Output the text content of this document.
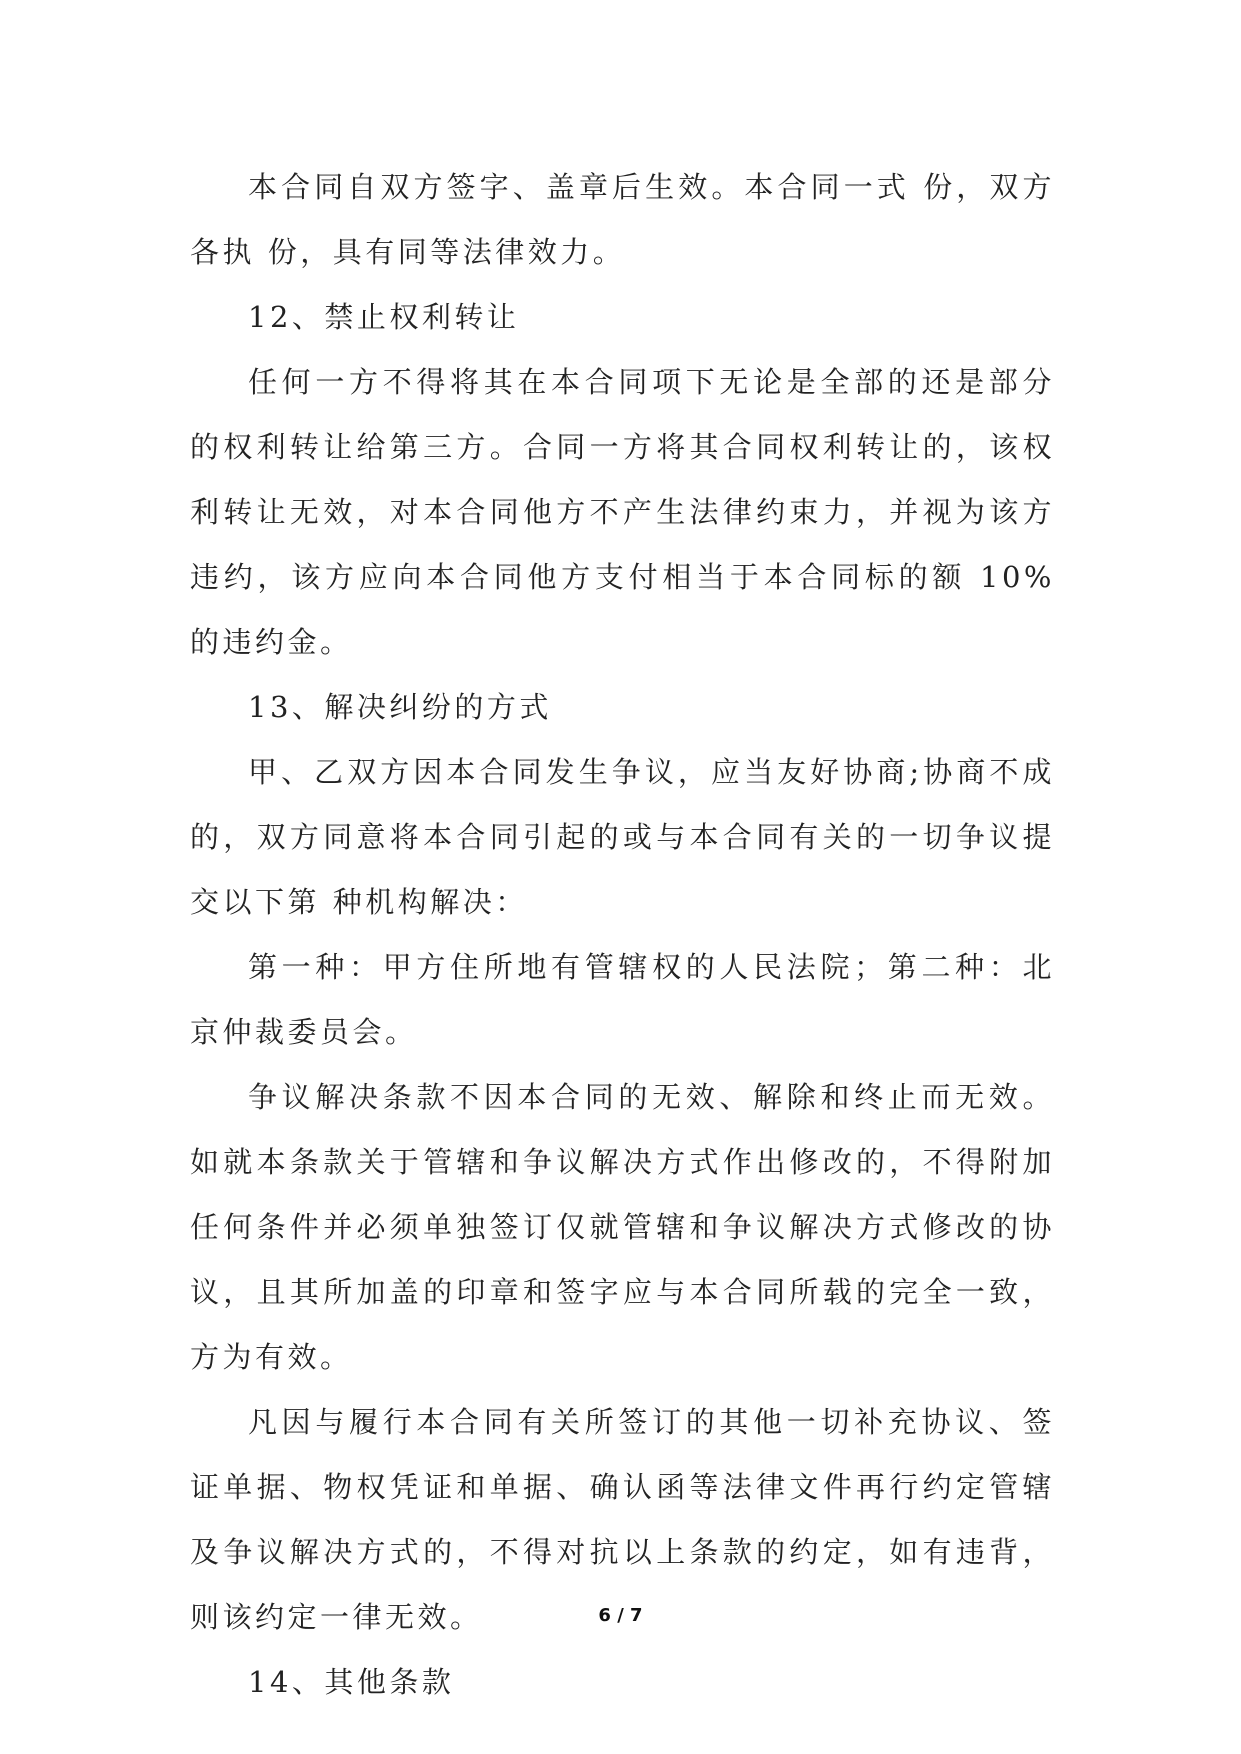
本合同自双方签字、盖章后生效。本合同一式 份，双方各执 份，具有同等法律效力。

12、禁止权利转让

任何一方不得将其在本合同项下无论是全部的还是部分的权利转让给第三方。合同一方将其合同权利转让的，该权利转让无效，对本合同他方不产生法律约束力，并视为该方违约，该方应向本合同他方支付相当于本合同标的额 10%的违约金。

13、解决纠纷的方式

甲、乙双方因本合同发生争议，应当友好协商;协商不成的，双方同意将本合同引起的或与本合同有关的一切争议提交以下第 种机构解决：

第一种：甲方住所地有管辖权的人民法院；第二种：北京仲裁委员会。

争议解决条款不因本合同的无效、解除和终止而无效。如就本条款关于管辖和争议解决方式作出修改的，不得附加任何条件并必须单独签订仅就管辖和争议解决方式修改的协议，且其所加盖的印章和签字应与本合同所载的完全一致，方为有效。

凡因与履行本合同有关所签订的其他一切补充协议、签证单据、物权凭证和单据、确认函等法律文件再行约定管辖及争议解决方式的，不得对抗以上条款的约定，如有违背，则该约定一律无效。

14、其他条款

6 / 7
